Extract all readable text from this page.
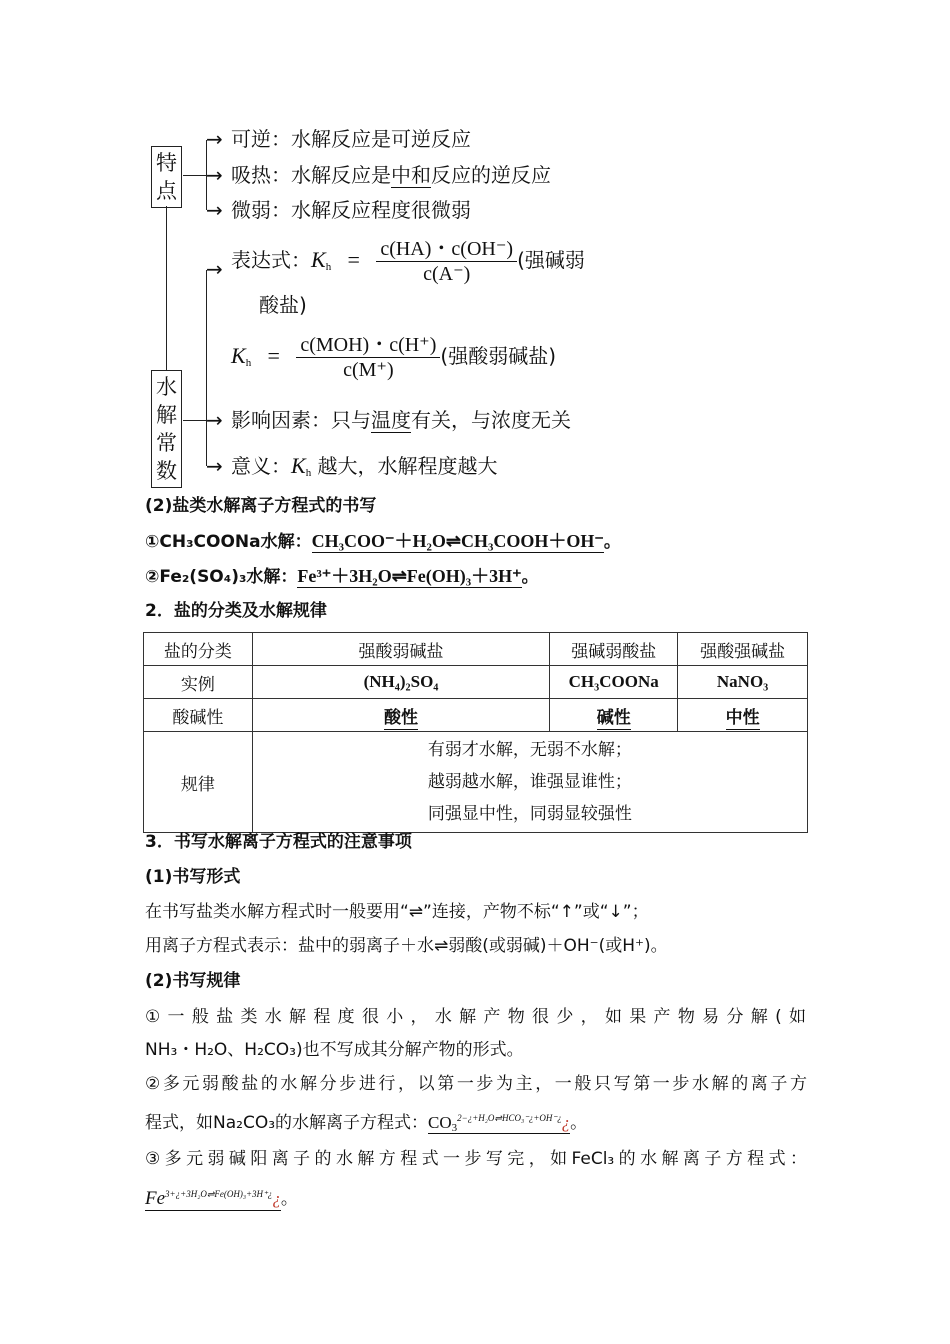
特
点
水
解
常
数
→
→
→
可逆：水解反应是可逆反应
吸热：水解反应是中和反应的逆反应
微弱：水解反应程度很微弱
→
→
→
表达式：$K_h = \frac{c(HA)・c(OH^-)}{c(A^-)}$ (强碱弱
酸盐)
$K_h = \frac{\text{c(MOH)・c(H⁺)}}{c(M^+)}$ (强酸弱碱盐)
影响因素：只与温度有关，与浓度无关
意义：$K_h$ 越大，水解程度越大
(2)盐类水解离子方程式的书写
①CH₃COONa水解：CH₃COO⁻＋H₂O⇌CH₃COOH＋OH⁻。
②Fe₂(SO₄)₃水解：Fe³⁺＋3H₂O⇌Fe(OH)₃＋3H⁺。
2．盐的分类及水解规律
盐的分类	强酸弱碱盐	强碱弱酸盐	强酸强碱盐
实例	(NH₄)₂SO₄	CH₃COONa	NaNO₃
酸碱性	酸性	碱性	中性
规律	有弱才水解，无弱不水解；
越弱越水解，谁强显谁性；
同强显中性，同弱显较强性		
3．书写水解离子方程式的注意事项
(1)书写形式
在书写盐类水解方程式时一般要用“⇌”连接，产物不标“↑”或“↓”；
用离子方程式表示：盐中的弱离子＋水⇌弱酸(或弱碱)＋OH⁻(或H⁺)。
(2)书写规律
①一般盐类水解程度很小，水解产物很少，如果产物易分解(如
NH₃・H₂O、H₂CO₃)也不写成其分解产物的形式。
②多元弱酸盐的水解分步进行，以第一步为主，一般只写第一步水解的离子方
程式，如Na₂CO₃的水解离子方程式：$CO_3^{2-¿+H_2O\rightleftharpoons HCO_3^-¿+OH^-¿}¿$。
③多元弱碱阳离子的水解方程式一步写完，如FeCl₃的水解离子方程式：
$Fe^{3+¿+3H_2O\rightleftharpoons Fe(OH)_3+3H^+¿}¿$。
